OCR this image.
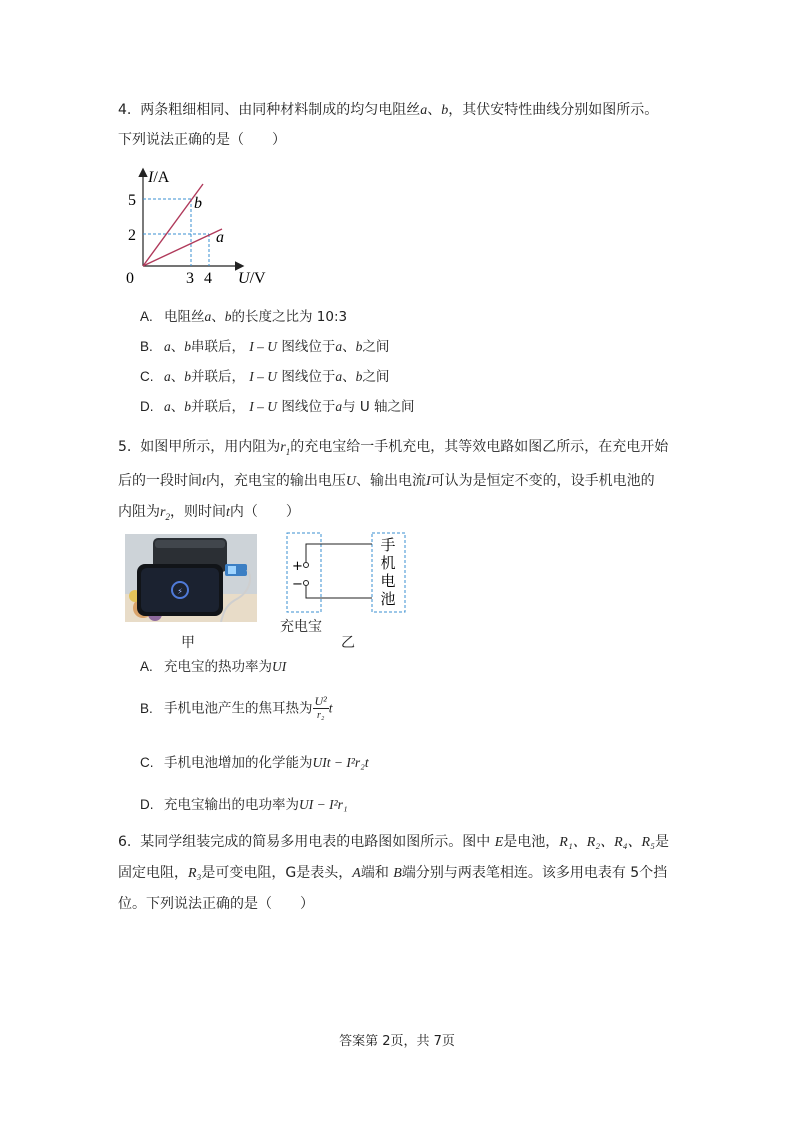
4. 两条粗细相同、由同种材料制成的均匀电阻丝a、b，其伏安特性曲线分别如图所示。
下列说法正确的是（　　）
I/A
5
2
0	3 4 U/V
b
a
A. 电阻丝a、b的长度之比为 10:3
B. a、b串联后， I – U 图线位于a、b之间
C. a、b并联后， I – U 图线位于a、b之间
D. a、b并联后， I – U 图线位于a与 U 轴之间
5. 如图甲所示，用内阻为$r_1$的充电宝给一手机充电，其等效电路如图乙所示，在充电开始
后的一段时间t内，充电宝的输出电压U、输出电流I可认为是恒定不变的，设手机电池的
内阻为$r_2$，则时间t内（　　）
⚡
甲
+
−
手
机
电
池
充电宝
乙
A. 充电宝的热功率为UI
B. 手机电池产生的焦耳热为 $\frac{\text{U²}}{\text{r₂}}$ t
C. 手机电池增加的化学能为UIt − I²r₂t
D. 充电宝输出的电功率为UI − I²r₁
6. 某同学组装完成的简易多用电表的电路图如图所示。图中 E是电池，R₁、R₂、R₄、R₅是
固定电阻，R₃是可变电阻，G是表头，A端和 B端分别与两表笔相连。该多用电表有 5个挡
位。下列说法正确的是（　　）
答案第 2页，共 7页
